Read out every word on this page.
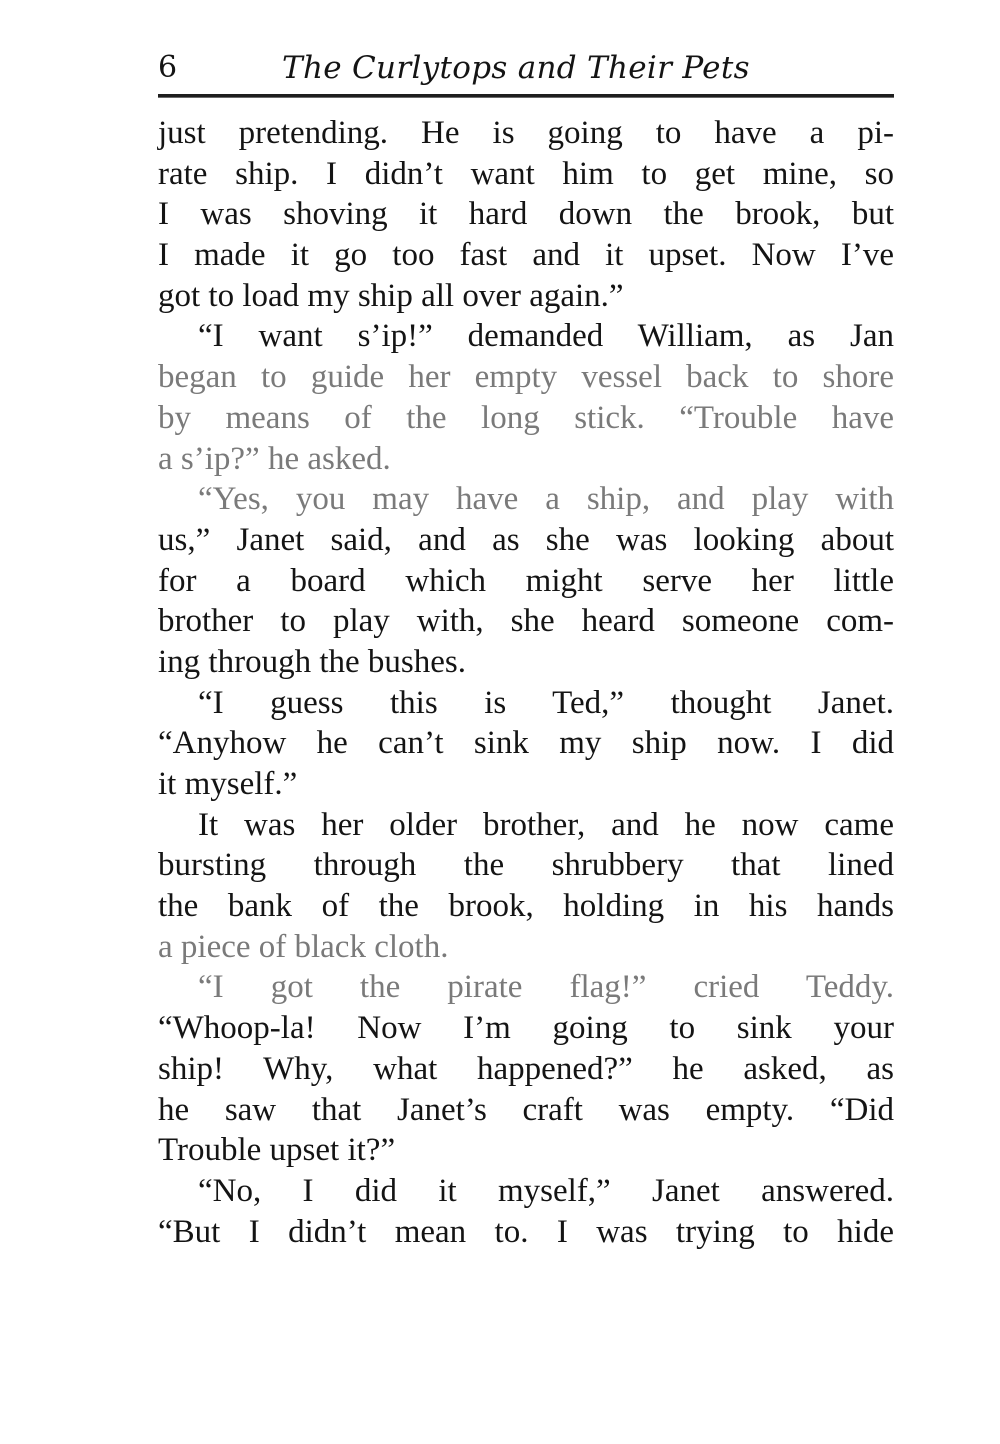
6	The Curlytops and Their Pets
just pretending. He is going to have a pi-
rate ship. I didn’t want him to get mine, so
I was shoving it hard down the brook, but
I made it go too fast and it upset. Now I’ve
got to load my ship all over again.”
“I want s’ip!” demanded William, as Jan
began to guide her empty vessel back to shore
by means of the long stick. “Trouble have
a s’ip?” he asked.
“Yes, you may have a ship, and play with
us,” Janet said, and as she was looking about
for a board which might serve her little
brother to play with, she heard someone com-
ing through the bushes.
“I guess this is Ted,” thought Janet.
“Anyhow he can’t sink my ship now. I did
it myself.”
It was her older brother, and he now came
bursting through the shrubbery that lined
the bank of the brook, holding in his hands
a piece of black cloth.
“I got the pirate flag!” cried Teddy.
“Whoop-la! Now I’m going to sink your
ship! Why, what happened?” he asked, as
he saw that Janet’s craft was empty. “Did
Trouble upset it?”
“No, I did it myself,” Janet answered.
“But I didn’t mean to. I was trying to hide
